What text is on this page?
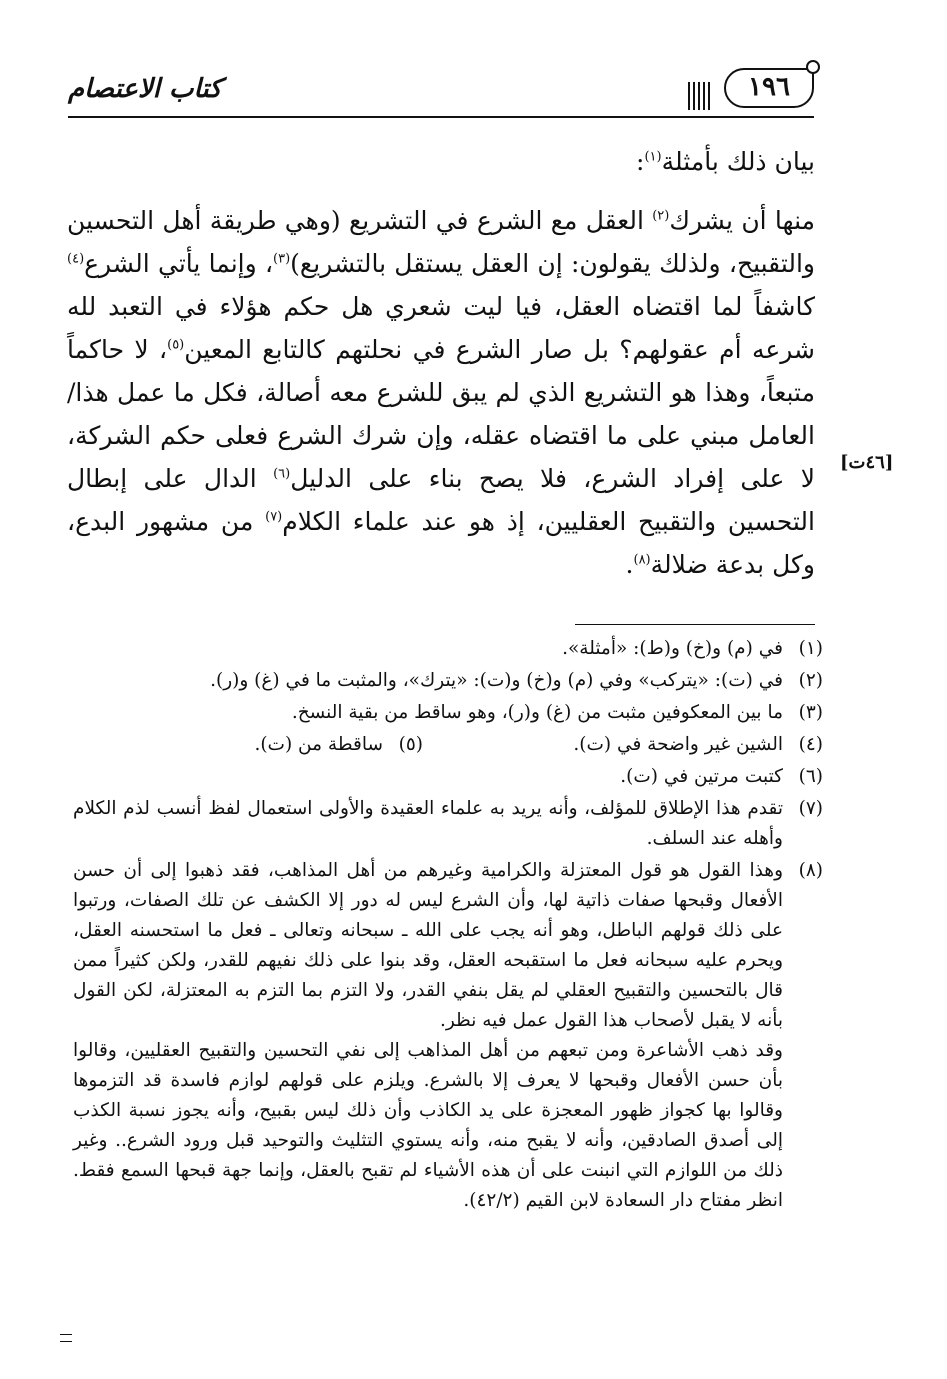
كتاب الاعتصام	١٩٦

بيان ذلك بأمثلة$^{(١)}$:

منها أن يشرك$^{(٢)}$ العقل مع الشرع في التشريع (وهي طريقة أهل التحسين والتقبيح، ولذلك يقولون: إن العقل يستقل بالتشريع)$^{(٣)}$، وإنما يأتي الشرع$^{(٤)}$ كاشفاً لما اقتضاه العقل، فيا ليت شعري هل حكم هؤلاء في التعبد لله شرعه أم عقولهم؟ بل صار الشرع في نحلتهم كالتابع المعين$^{(٥)}$، لا حاكماً متبعاً، وهذا هو التشريع الذي لم يبق للشرع معه أصالة، فكل ما عمل هذا/ العامل مبني على ما اقتضاه عقله، وإن شرك الشرع فعلى حكم الشركة، لا على إفراد الشرع، فلا يصح بناء على الدليل$^{(٦)}$ الدال على إبطال التحسين والتقبيح العقليين، إذ هو عند علماء الكلام$^{(٧)}$ من مشهور البدع، وكل بدعة ضلالة$^{(٨)}$.

[٤٦ت]
(١)
في (م) و(خ) و(ط): «أمثلة».
(٢)
في (ت): «يتركب» وفي (م) و(خ) و(ت): «يترك»، والمثبت ما في (غ) و(ر).
(٣)
ما بين المعكوفين مثبت من (غ) و(ر)، وهو ساقط من بقية النسخ.
(٤)
الشين غير واضحة في (ت).
(٥)
ساقطة من (ت).
(٦)
كتبت مرتين في (ت).
(٧)
تقدم هذا الإطلاق للمؤلف، وأنه يريد به علماء العقيدة والأولى استعمال لفظ أنسب لذم الكلام وأهله عند السلف.
(٨)
وهذا القول هو قول المعتزلة والكرامية وغيرهم من أهل المذاهب، فقد ذهبوا إلى أن حسن الأفعال وقبحها صفات ذاتية لها، وأن الشرع ليس له دور إلا الكشف عن تلك الصفات، ورتبوا على ذلك قولهم الباطل، وهو أنه يجب على الله ـ سبحانه وتعالى ـ فعل ما استحسنه العقل، ويحرم عليه سبحانه فعل ما استقبحه العقل، وقد بنوا على ذلك نفيهم للقدر، ولكن كثيراً ممن قال بالتحسين والتقبيح العقلي لم يقل بنفي القدر، ولا التزم بما التزم به المعتزلة، لكن القول بأنه لا يقبل لأصحاب هذا القول عمل فيه نظر.
وقد ذهب الأشاعرة ومن تبعهم من أهل المذاهب إلى نفي التحسين والتقبيح العقليين، وقالوا بأن حسن الأفعال وقبحها لا يعرف إلا بالشرع. ويلزم على قولهم لوازم فاسدة قد التزموها وقالوا بها كجواز ظهور المعجزة على يد الكاذب وأن ذلك ليس بقبيح، وأنه يجوز نسبة الكذب إلى أصدق الصادقين، وأنه لا يقبح منه، وأنه يستوي التثليث والتوحيد قبل ورود الشرع.. وغير ذلك من اللوازم التي انبنت على أن هذه الأشياء لم تقبح بالعقل، وإنما جهة قبحها السمع فقط. انظر مفتاح دار السعادة لابن القيم (٤٢/٢).
